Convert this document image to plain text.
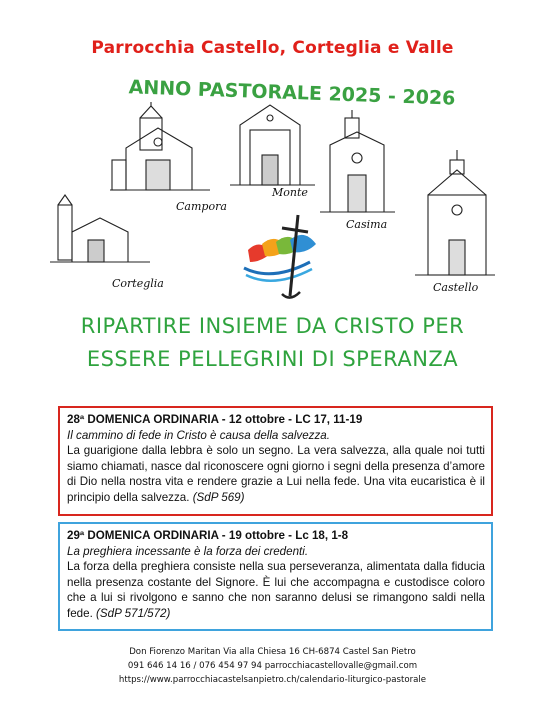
Parrocchia Castello, Corteglia e Valle
ANNO PASTORALE 2025 - 2026
Campora
Monte
Casima
Corteglia	Castello
RIPARTIRE INSIEME DA CRISTO PER
ESSERE PELLEGRINI DI SPERANZA
28ª DOMENICA ORDINARIA - 12 ottobre - LC 17, 11-19
Il cammino di fede in Cristo è causa della salvezza.
La guarigione dalla lebbra è solo un segno. La vera salvezza, alla quale noi tutti siamo chiamati, nasce dal riconoscere ogni giorno i segni della presenza d’amore di Dio nella nostra vita e rendere grazie a Lui nella fede. Una vita eucaristica è il principio della salvezza. (SdP 569)
29ª DOMENICA ORDINARIA - 19 ottobre - Lc 18, 1-8
La preghiera incessante è la forza dei credenti.
La forza della preghiera consiste nella sua perseveranza, alimentata dalla fiducia nella presenza costante del Signore. È lui che accompagna e custodisce coloro che a lui si rivolgono e sanno che non saranno delusi se rimangono saldi nella fede. (SdP 571/572)
Don Fiorenzo Maritan Via alla Chiesa 16 CH-6874 Castel San Pietro
091 646 14 16 / 076 454 97 94 parrocchiacastellovalle@gmail.com
https://www.parrocchiacastelsanpietro.ch/calendario-liturgico-pastorale
